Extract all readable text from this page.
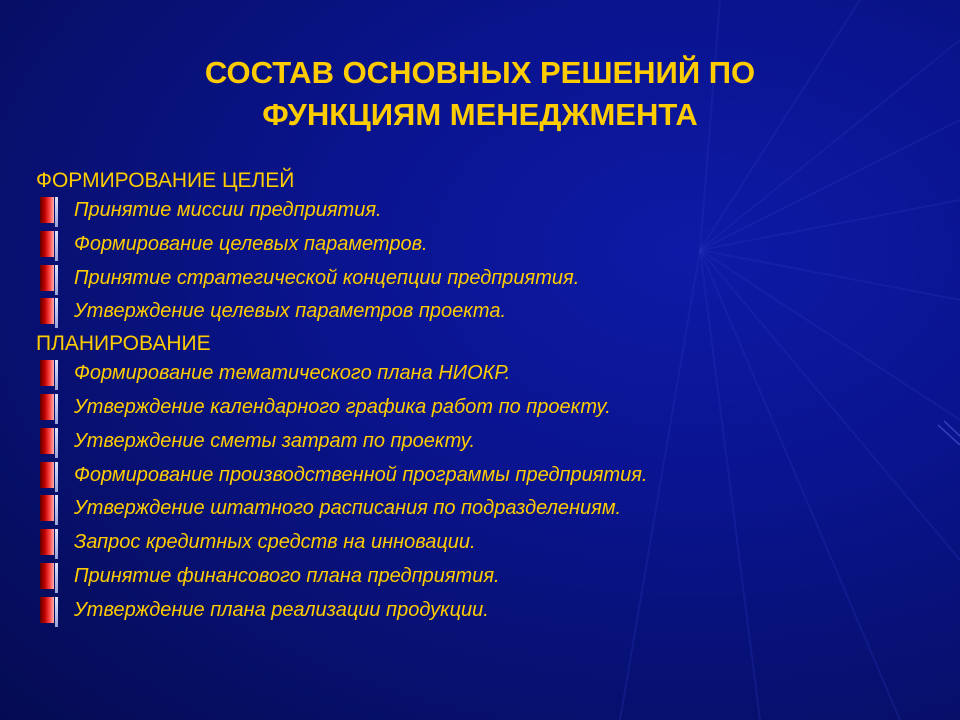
СОСТАВ ОСНОВНЫХ РЕШЕНИЙ ПО
ФУНКЦИЯМ МЕНЕДЖМЕНТА
ФОРМИРОВАНИЕ ЦЕЛЕЙ
Принятие миссии предприятия.
Формирование целевых параметров.
Принятие стратегической концепции предприятия.
Утверждение целевых параметров проекта.
ПЛАНИРОВАНИЕ
Формирование тематического плана НИОКР.
Утверждение календарного графика работ по проекту.
Утверждение сметы затрат по проекту.
Формирование производственной программы предприятия.
Утверждение штатного расписания по подразделениям.
Запрос кредитных средств на инновации.
Принятие финансового плана предприятия.
Утверждение плана реализации продукции.
